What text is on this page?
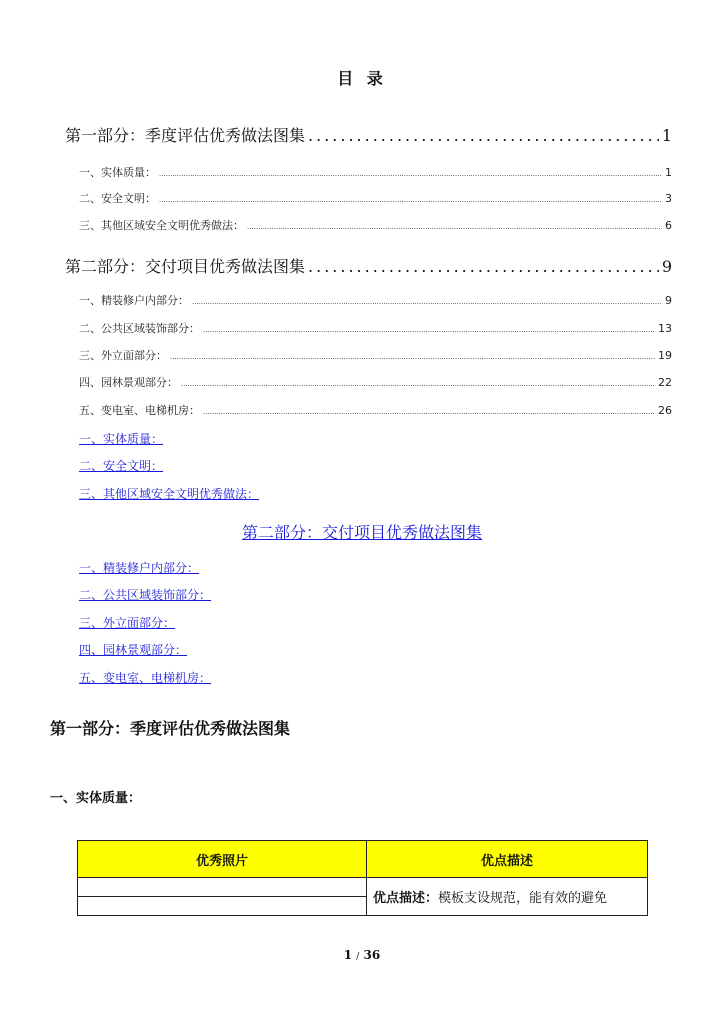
目 录
第一部分：季度评估优秀做法图集 .....	1
一、实体质量： .....	1
二、安全文明： .....	3
三、其他区域安全文明优秀做法： .....	6
第二部分：交付项目优秀做法图集 .....	9
一、精装修户内部分： .....	9
二、公共区域装饰部分： .....	13
三、外立面部分： .....	19
四、园林景观部分： .....	22
五、变电室、电梯机房： .....	26
一、实体质量：
二、安全文明：
三、其他区域安全文明优秀做法：
第二部分：交付项目优秀做法图集
一、精装修户内部分：
二、公共区域装饰部分：
三、外立面部分：
四、园林景观部分：
五、变电室、电梯机房：
第一部分：季度评估优秀做法图集
一、实体质量：
优秀照片	优点描述
	优点描述：模板支设规范，能有效的避免

1 / 36
